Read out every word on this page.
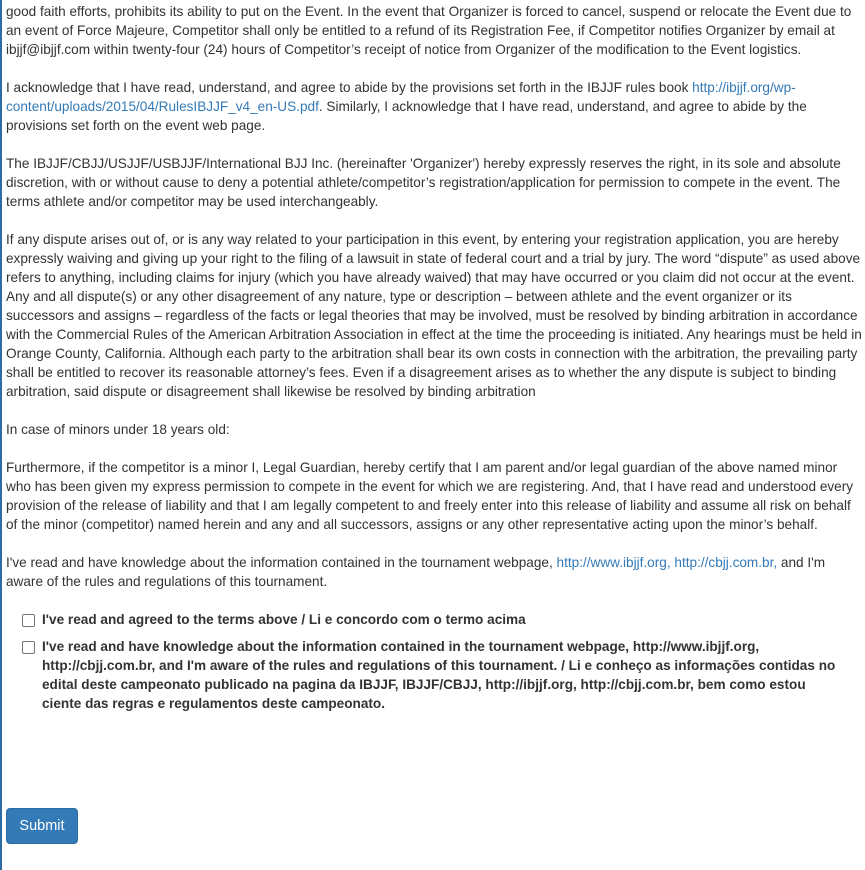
good faith efforts, prohibits its ability to put on the Event. In the event that Organizer is forced to cancel, suspend or relocate the Event due to an event of Force Majeure, Competitor shall only be entitled to a refund of its Registration Fee, if Competitor notifies Organizer by email at ibjjf@ibjjf.com within twenty-four (24) hours of Competitor’s receipt of notice from Organizer of the modification to the Event logistics.

I acknowledge that I have read, understand, and agree to abide by the provisions set forth in the IBJJF rules book http://ibjjf.org/wp-content/uploads/2015/04/RulesIBJJF_v4_en-US.pdf. Similarly, I acknowledge that I have read, understand, and agree to abide by the provisions set forth on the event web page.

The IBJJF/CBJJ/USJJF/USBJJF/International BJJ Inc. (hereinafter 'Organizer') hereby expressly reserves the right, in its sole and absolute discretion, with or without cause to deny a potential athlete/competitor’s registration/application for permission to compete in the event. The terms athlete and/or competitor may be used interchangeably.

If any dispute arises out of, or is any way related to your participation in this event, by entering your registration application, you are hereby expressly waiving and giving up your right to the filing of a lawsuit in state of federal court and a trial by jury. The word “dispute” as used above refers to anything, including claims for injury (which you have already waived) that may have occurred or you claim did not occur at the event. Any and all dispute(s) or any other disagreement of any nature, type or description – between athlete and the event organizer or its successors and assigns – regardless of the facts or legal theories that may be involved, must be resolved by binding arbitration in accordance with the Commercial Rules of the American Arbitration Association in effect at the time the proceeding is initiated. Any hearings must be held in Orange County, California. Although each party to the arbitration shall bear its own costs in connection with the arbitration, the prevailing party shall be entitled to recover its reasonable attorney’s fees. Even if a disagreement arises as to whether the any dispute is subject to binding arbitration, said dispute or disagreement shall likewise be resolved by binding arbitration

In case of minors under 18 years old:

Furthermore, if the competitor is a minor I, Legal Guardian, hereby certify that I am parent and/or legal guardian of the above named minor who has been given my express permission to compete in the event for which we are registering. And, that I have read and understood every provision of the release of liability and that I am legally competent to and freely enter into this release of liability and assume all risk on behalf of the minor (competitor) named herein and any and all successors, assigns or any other representative acting upon the minor’s behalf.

I've read and have knowledge about the information contained in the tournament webpage, http://www.ibjjf.org, http://cbjj.com.br, and I'm aware of the rules and regulations of this tournament.

I've read and agreed to the terms above / Li e concordo com o termo acima
I've read and have knowledge about the information contained in the tournament webpage, http://www.ibjjf.org, http://cbjj.com.br, and I'm aware of the rules and regulations of this tournament. / Li e conheço as informações contidas no edital deste campeonato publicado na pagina da IBJJF, IBJJF/CBJJ, http://ibjjf.org, http://cbjj.com.br, bem como estou ciente das regras e regulamentos deste campeonato.
Submit
